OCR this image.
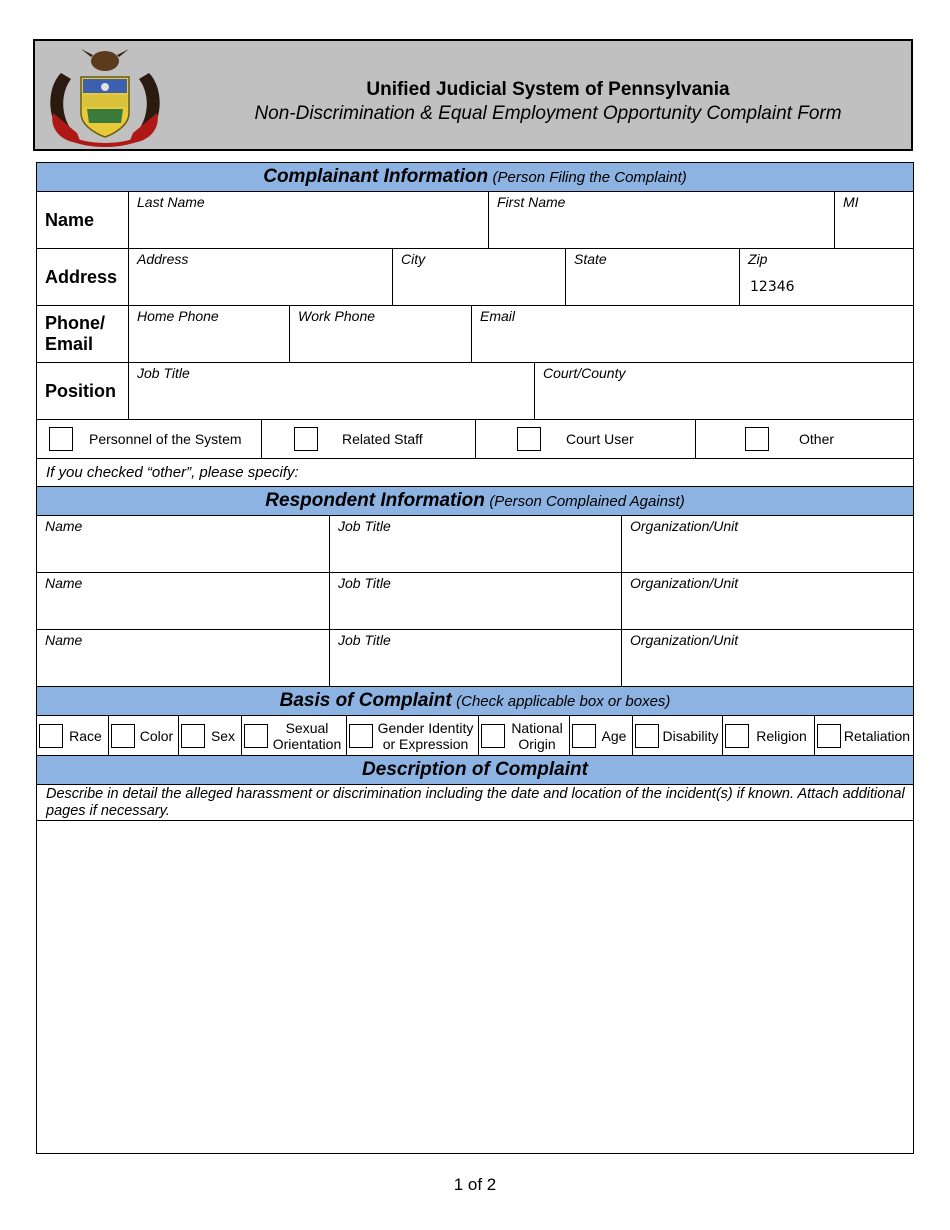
Unified Judicial System of Pennsylvania
Non-Discrimination & Equal Employment Opportunity Complaint Form
Complainant Information (Person Filing the Complaint)
Name
Last Name	First Name	MI
Address
Address	City	State	Zip
12346
Phone/
Email
Home Phone	Work Phone	Email
Position
Job Title	Court/County
Personnel of the System	Related Staff	Court User	Other
If you checked “other”, please specify:
Respondent Information (Person Complained Against)
Name	Job Title	Organization/Unit
Name	Job Title	Organization/Unit
Name	Job Title	Organization/Unit
Basis of Complaint (Check applicable box or boxes)
Race	Color	Sex	Sexual Orientation
Gender Identity or Expression
National Origin	Age	Disability	Religion	Retaliation
Description of Complaint
Describe in detail the alleged harassment or discrimination including the date and location of the incident(s) if known. Attach additional pages if necessary.
1 of 2
